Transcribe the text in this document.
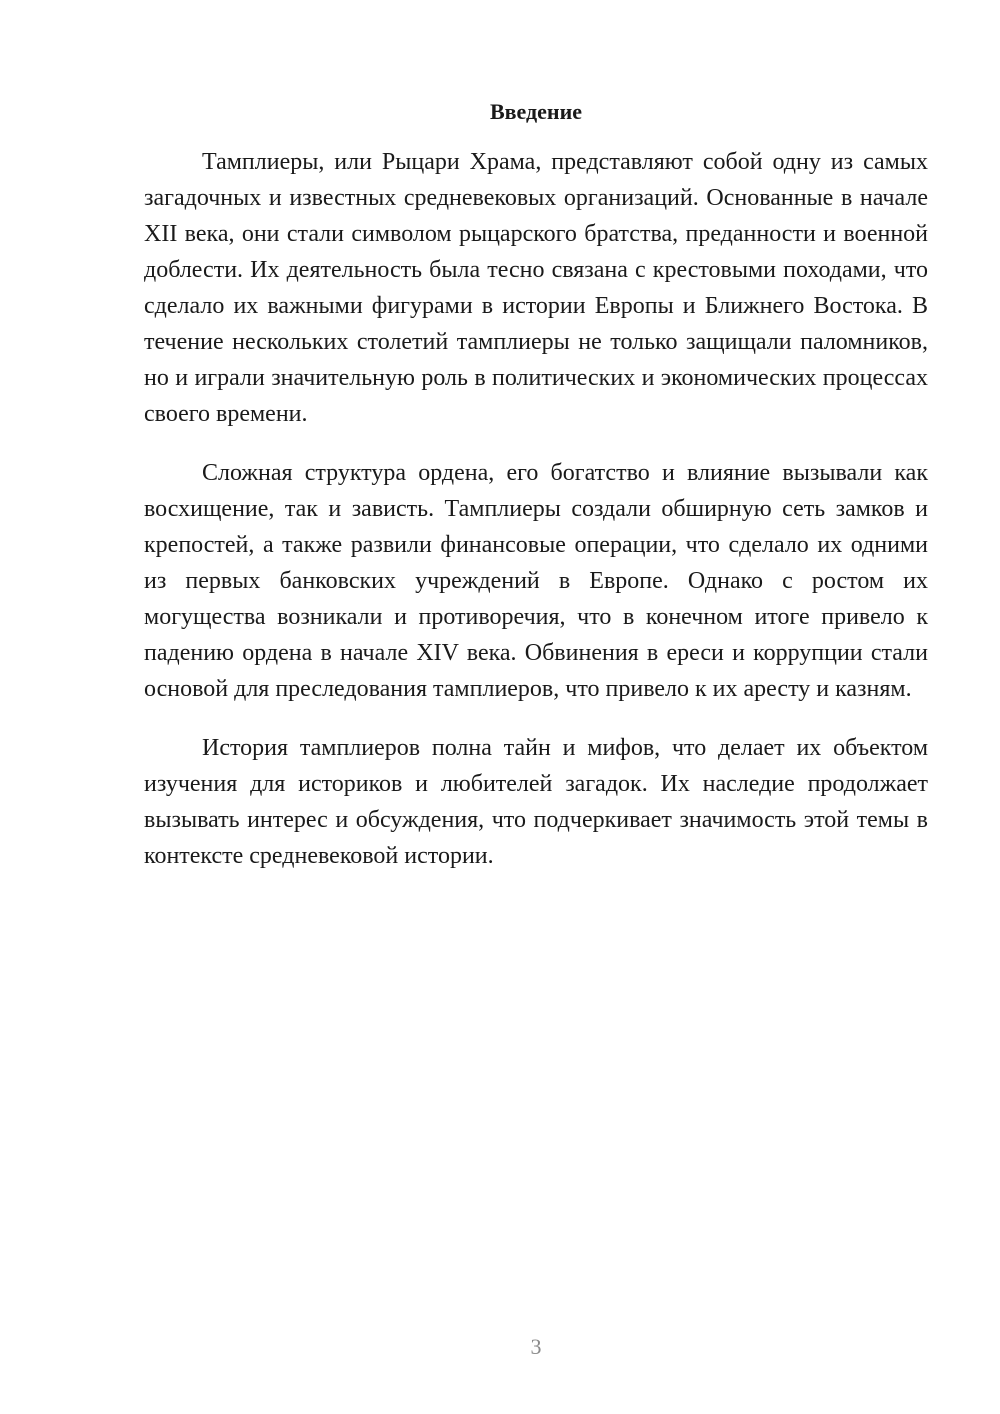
Введение

Тамплиеры, или Рыцари Храма, представляют собой одну из самых загадочных и известных средневековых организаций. Основанные в начале XII века, они стали символом рыцарского братства, преданности и военной доблести. Их деятельность была тесно связана с крестовыми походами, что сделало их важными фигурами в истории Европы и Ближнего Востока. В течение нескольких столетий тамплиеры не только защищали паломников, но и играли значительную роль в политических и экономических процессах своего времени.

Сложная структура ордена, его богатство и влияние вызывали как восхищение, так и зависть. Тамплиеры создали обширную сеть замков и крепостей, а также развили финансовые операции, что сделало их одними из первых банковских учреждений в Европе. Однако с ростом их могущества возникали и противоречия, что в конечном итоге привело к падению ордена в начале XIV века. Обвинения в ереси и коррупции стали основой для преследования тамплиеров, что привело к их аресту и казням.

История тамплиеров полна тайн и мифов, что делает их объектом изучения для историков и любителей загадок. Их наследие продолжает вызывать интерес и обсуждения, что подчеркивает значимость этой темы в контексте средневековой истории.

3
